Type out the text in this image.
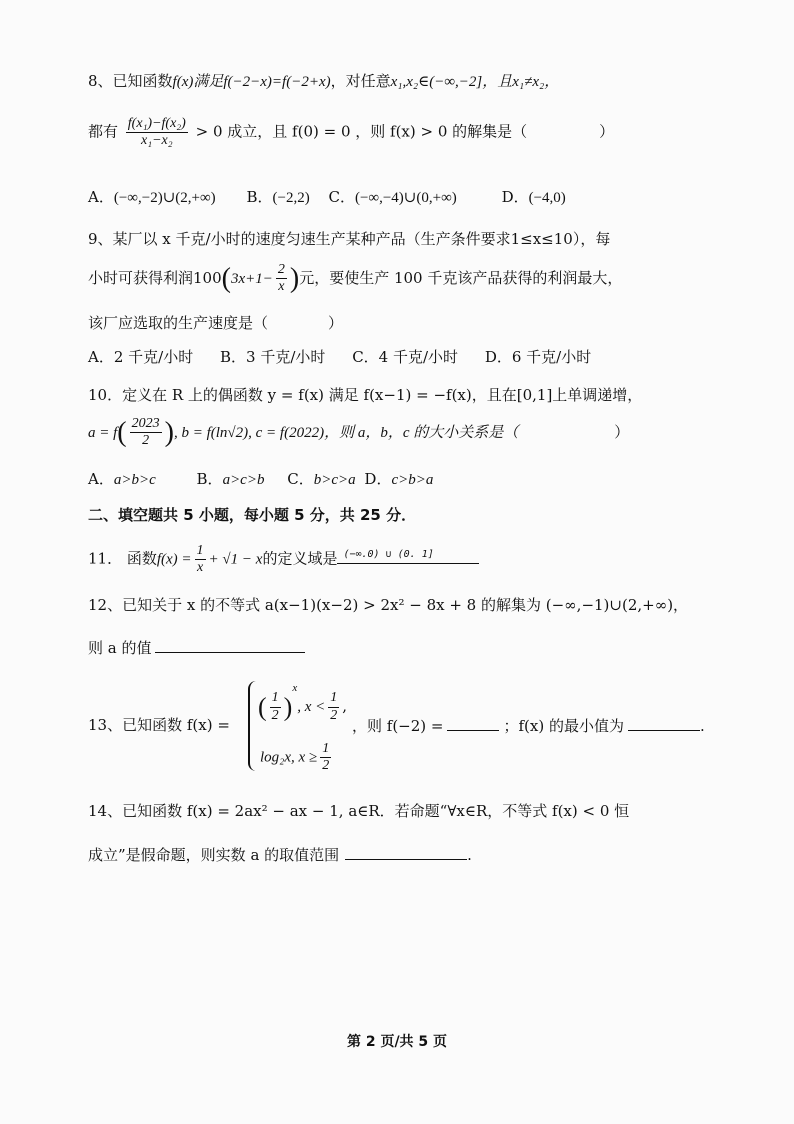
8、已知函数f(x)满足f(−2−x)=f(−2+x)，对任意x₁,x₂∈(−∞,−2]，且x₁≠x₂，
都有 $\frac{\text{f(x₁)−f(x₂)}}{\text{x₁−x₂}} > 0$ 成立，且 f(0) = 0 ，则 f(x) > 0 的解集是（	）
A．(−∞,−2)∪(2,+∞) B．(−2,2) C．(−∞,−4)∪(0,+∞)	D．(−4,0)
9、某厂以 x 千克/小时的速度匀速生产某种产品（生产条件要求1≤x≤10），每
小时可获得利润$100(3x+1- \frac{2}{x}$ )元，要使生产 100 千克该产品获得的利润最大，
该厂应选取的生产速度是（　　　　）
A．2 千克/小时 B．3 千克/小时 C．4 千克/小时 D．6 千克/小时
10．定义在 R 上的偶函数 y = f(x) 满足 f(x−1) = −f(x)，且在[0,1]上单调递增，
$a = f( \frac{2023}{2}$ ), b = f(ln√2), c = f(2022)，则 a，b，c 的大小关系是（	）
A．a>b>c	B．a>c>b C．b>c>a D．c>b>a
二、填空题共 5 小题，每小题 5 分，共 25 分．
11． 函数$f(x) = \frac{1}{x} + √1 - x$的定义域是 (−∞.0) ∪ (0. 1]
12、已知关于 x 的不等式 a(x−1)(x−2) > 2x² − 8x + 8 的解集为 (−∞,−1)∪(2,+∞)，
则 a 的值
13、已知函数 f(x) =
( $\frac{1}{2} )^x$, $x < \frac{1}{2}$ ,
log₂x, $x \ge \frac{1}{2}$
，则 f(−2) =	；f(x) 的最小值为	.
14、已知函数 f(x) = 2ax² − ax − 1, a∈R．若命题“∀x∈R，不等式 f(x) < 0 恒
成立”是假命题，则实数 a 的取值范围	.
第 2 页/共 5 页
